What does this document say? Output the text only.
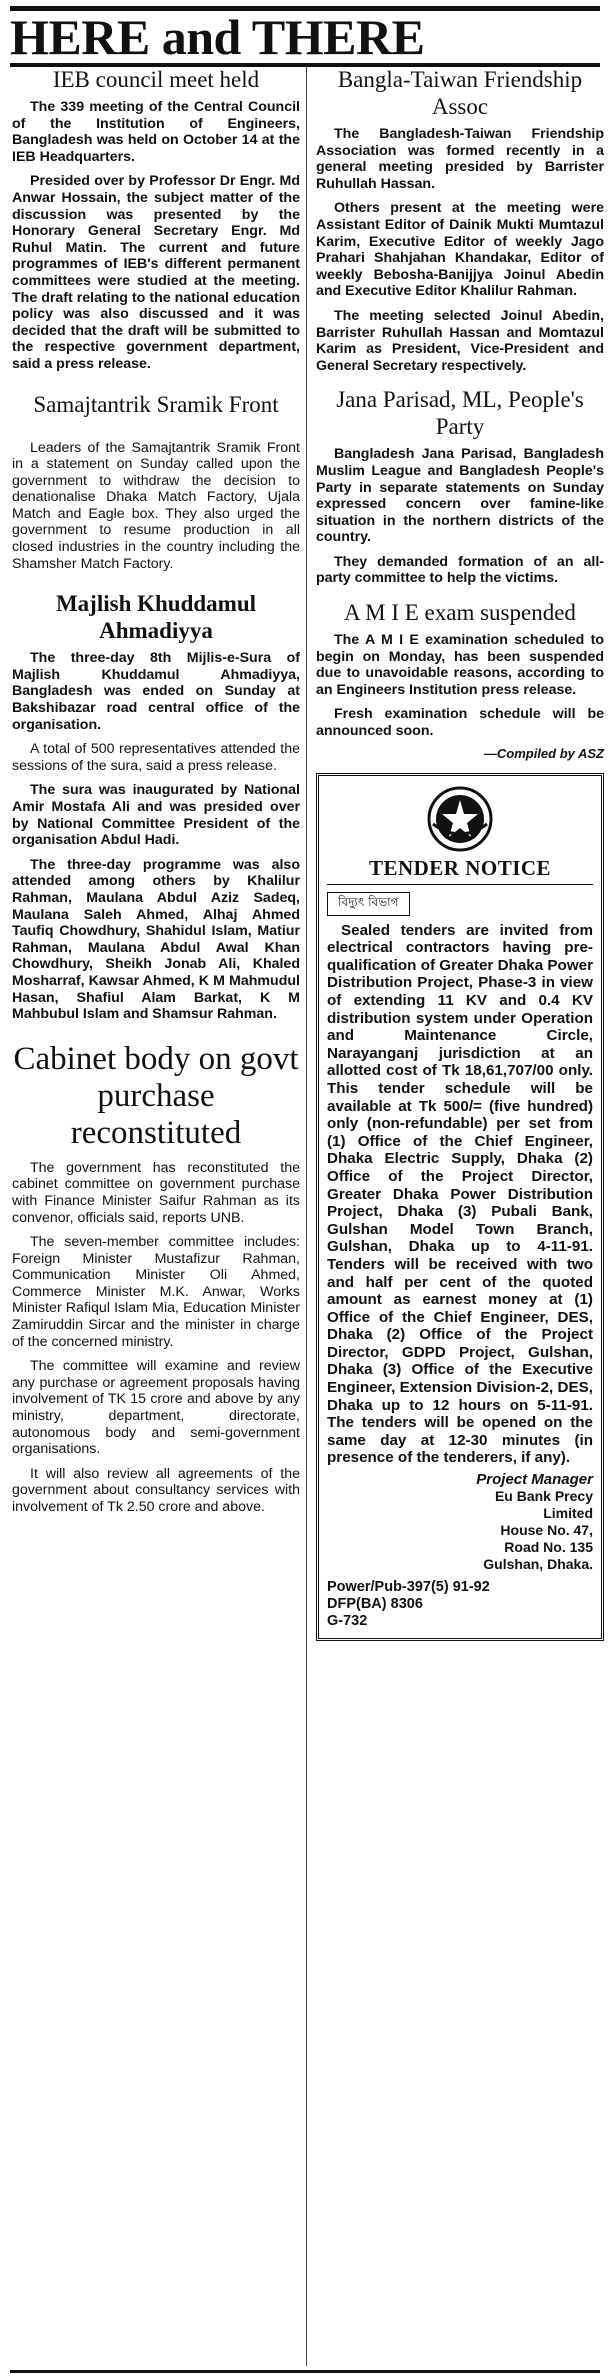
HERE and THERE
IEB council meet held

The 339 meeting of the Central Council of the Institution of Engineers, Bangladesh was held on October 14 at the IEB Headquarters.

Presided over by Professor Dr Engr. Md Anwar Hossain, the subject matter of the discussion was presented by the Honorary General Secretary Engr. Md Ruhul Matin. The current and future programmes of IEB's different permanent committees were studied at the meeting. The draft relating to the national education policy was also discussed and it was decided that the draft will be submitted to the respective government department, said a press release.

Samajtantrik Sramik Front

Leaders of the Samajtantrik Sramik Front in a statement on Sunday called upon the government to withdraw the decision to denationalise Dhaka Match Factory, Ujala Match and Eagle box. They also urged the government to resume production in all closed industries in the country including the Shamsher Match Factory.

Majlish Khuddamul Ahmadiyya

The three-day 8th Mijlis-e-Sura of Majlish Khuddamul Ahmadiyya, Bangladesh was ended on Sunday at Bakshibazar road central office of the organisation.

A total of 500 representatives attended the sessions of the sura, said a press release.

The sura was inaugurated by National Amir Mostafa Ali and was presided over by National Committee President of the organisation Abdul Hadi.

The three-day programme was also attended among others by Khalilur Rahman, Maulana Abdul Aziz Sadeq, Maulana Saleh Ahmed, Alhaj Ahmed Taufiq Chowdhury, Shahidul Islam, Matiur Rahman, Maulana Abdul Awal Khan Chowdhury, Sheikh Jonab Ali, Khaled Mosharraf, Kawsar Ahmed, K M Mahmudul Hasan, Shafiul Alam Barkat, K M Mahbubul Islam and Shamsur Rahman.

Cabinet body on govt purchase reconstituted

The government has reconstituted the cabinet committee on government purchase with Finance Minister Saifur Rahman as its convenor, officials said, reports UNB.

The seven-member committee includes: Foreign Minister Mustafizur Rahman, Communication Minister Oli Ahmed, Commerce Minister M.K. Anwar, Works Minister Rafiqul Islam Mia, Education Minister Zamiruddin Sircar and the minister in charge of the concerned ministry.

The committee will examine and review any purchase or agreement proposals having involvement of TK 15 crore and above by any ministry, department, directorate, autonomous body and semi-government organisations.

It will also review all agreements of the government about consultancy services with involvement of Tk 2.50 crore and above.

Bangla-Taiwan Friendship Assoc

The Bangladesh-Taiwan Friendship Association was formed recently in a general meeting presided by Barrister Ruhullah Hassan.

Others present at the meeting were Assistant Editor of Dainik Mukti Mumtazul Karim, Executive Editor of weekly Jago Prahari Shahjahan Khandakar, Editor of weekly Bebosha-Banijjya Joinul Abedin and Executive Editor Khalilur Rahman.

The meeting selected Joinul Abedin, Barrister Ruhullah Hassan and Momtazul Karim as President, Vice-President and General Secretary respectively.

Jana Parisad, ML, People's Party

Bangladesh Jana Parisad, Bangladesh Muslim League and Bangladesh People's Party in separate statements on Sunday expressed concern over famine-like situation in the northern districts of the country.

They demanded formation of an all-party committee to help the victims.

A M I E exam suspended

The A M I E examination scheduled to begin on Monday, has been suspended due to unavoidable reasons, according to an Engineers Institution press release.

Fresh examination schedule will be announced soon.

—Compiled by ASZ
TENDER NOTICE
বিদ্যুৎ বিভাগ
Sealed tenders are invited from electrical contractors having pre-qualification of Greater Dhaka Power Distribution Project, Phase-3 in view of extending 11 KV and 0.4 KV distribution system under Operation and Maintenance Circle, Narayanganj jurisdiction at an allotted cost of Tk 18,61,707/00 only. This tender schedule will be available at Tk 500/= (five hundred) only (non-refundable) per set from (1) Office of the Chief Engineer, Dhaka Electric Supply, Dhaka (2) Office of the Project Director, Greater Dhaka Power Distribution Project, Dhaka (3) Pubali Bank, Gulshan Model Town Branch, Gulshan, Dhaka up to 4-11-91. Tenders will be received with two and half per cent of the quoted amount as earnest money at (1) Office of the Chief Engineer, DES, Dhaka (2) Office of the Project Director, GDPD Project, Gulshan, Dhaka (3) Office of the Executive Engineer, Extension Division-2, DES, Dhaka up to 12 hours on 5-11-91. The tenders will be opened on the same day at 12-30 minutes (in presence of the tenderers, if any).
Project Manager
Eu Bank Precy
Limited
House No. 47,
Road No. 135
Gulshan, Dhaka.
Power/Pub-397(5) 91-92
DFP(BA) 8306
G-732
